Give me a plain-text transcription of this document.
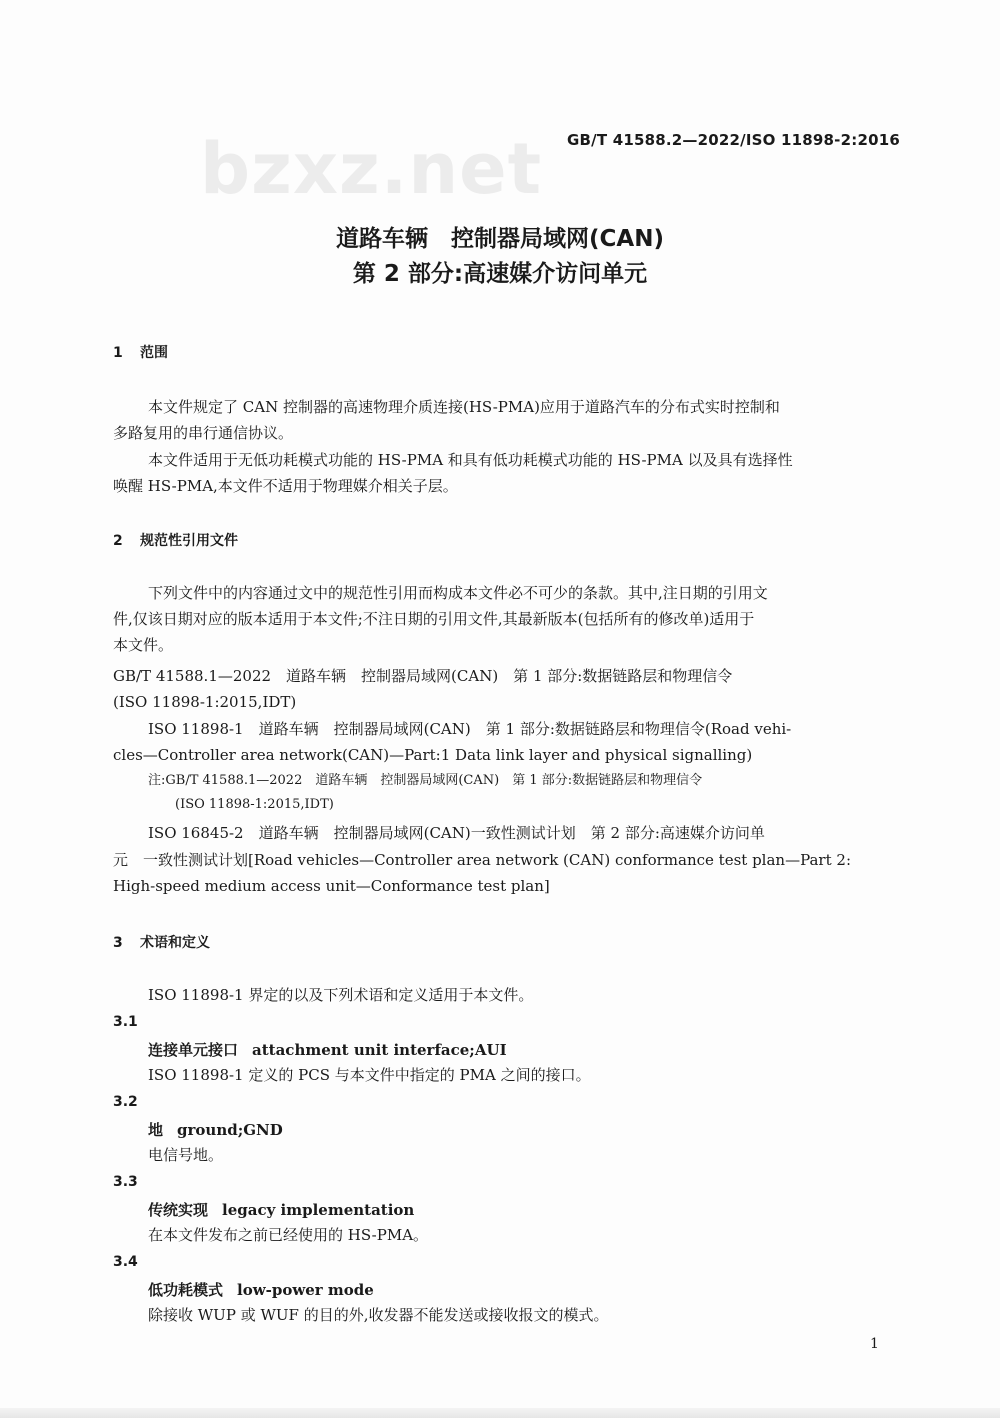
bzxz.net GB/T 41588.2—2022/ISO 11898-2:2016
道路车辆　控制器局域网(CAN)
第 2 部分:高速媒介访问单元
1 范围
本文件规定了 CAN 控制器的高速物理介质连接(HS-PMA)应用于道路汽车的分布式实时控制和
多路复用的串行通信协议。
本文件适用于无低功耗模式功能的 HS-PMA 和具有低功耗模式功能的 HS-PMA 以及具有选择性
唤醒 HS-PMA,本文件不适用于物理媒介相关子层。
2 规范性引用文件
下列文件中的内容通过文中的规范性引用而构成本文件必不可少的条款。其中,注日期的引用文
件,仅该日期对应的版本适用于本文件;不注日期的引用文件,其最新版本(包括所有的修改单)适用于
本文件。
GB/T 41588.1—2022　道路车辆　控制器局域网(CAN)　第 1 部分:数据链路层和物理信令
(ISO 11898-1:2015,IDT)
ISO 11898-1　道路车辆　控制器局域网(CAN)　第 1 部分:数据链路层和物理信令(Road vehi-
cles—Controller area network(CAN)—Part:1 Data link layer and physical signalling)
注:GB/T 41588.1—2022　道路车辆　控制器局域网(CAN)　第 1 部分:数据链路层和物理信令
(ISO 11898-1:2015,IDT)
ISO 16845-2　道路车辆　控制器局域网(CAN)一致性测试计划　第 2 部分:高速媒介访问单
元　一致性测试计划[Road vehicles—Controller area network (CAN) conformance test plan—Part 2:
High-speed medium access unit—Conformance test plan]
3 术语和定义
ISO 11898-1 界定的以及下列术语和定义适用于本文件。
3.1
连接单元接口 attachment unit interface;AUI
ISO 11898-1 定义的 PCS 与本文件中指定的 PMA 之间的接口。
3.2
地 ground;GND
电信号地。
3.3
传统实现 legacy implementation
在本文件发布之前已经使用的 HS-PMA。
3.4
低功耗模式 low-power mode
除接收 WUP 或 WUF 的目的外,收发器不能发送或接收报文的模式。
1
